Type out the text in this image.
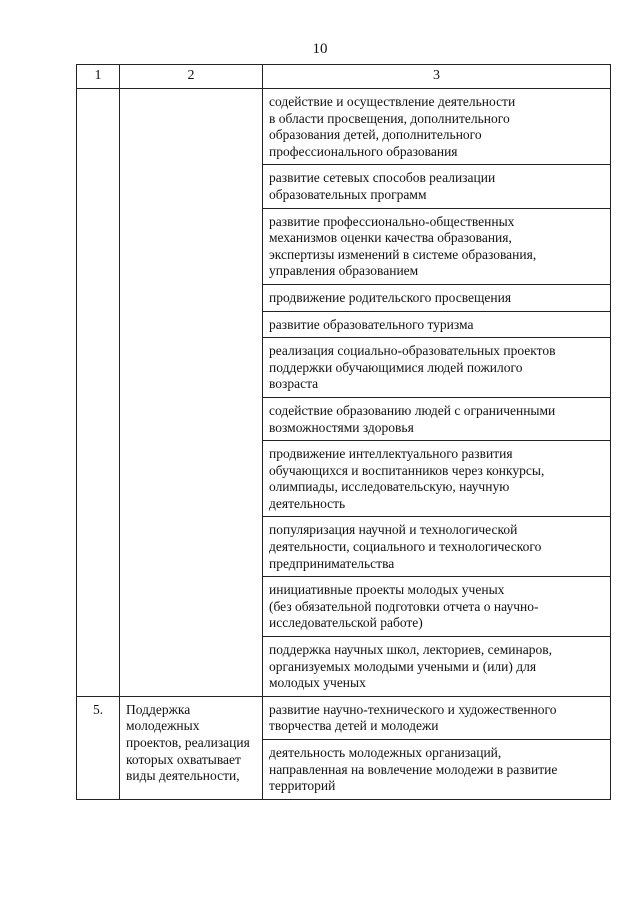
10
1	2	3

		содействие и осуществление деятельности
в области просвещения, дополнительного
образования детей, дополнительного
профессионального образования

		развитие сетевых способов реализации
образовательных программ

		развитие профессионально-общественных
механизмов оценки качества образования,
экспертизы изменений в системе образования,
управления образованием

		продвижение родительского просвещения

		развитие образовательного туризма

		реализация социально-образовательных проектов
поддержки обучающимися людей пожилого
возраста

		содействие образованию людей с ограниченными
возможностями здоровья

		продвижение интеллектуального развития
обучающихся и воспитанников через конкурсы,
олимпиады, исследовательскую, научную
деятельность

		популяризация научной и технологической
деятельности, социального и технологического
предпринимательства

		инициативные проекты молодых ученых
(без обязательной подготовки отчета о научно-
исследовательской работе)

		поддержка научных школ, лекториев, семинаров,
организуемых молодыми учеными и (или) для
молодых ученых

5.	Поддержка
молодежных
проектов, реализация
которых охватывает
виды деятельности,	развитие научно-технического и художественного
творчества детей и молодежи

		деятельность молодежных организаций,
направленная на вовлечение молодежи в развитие
территорий
